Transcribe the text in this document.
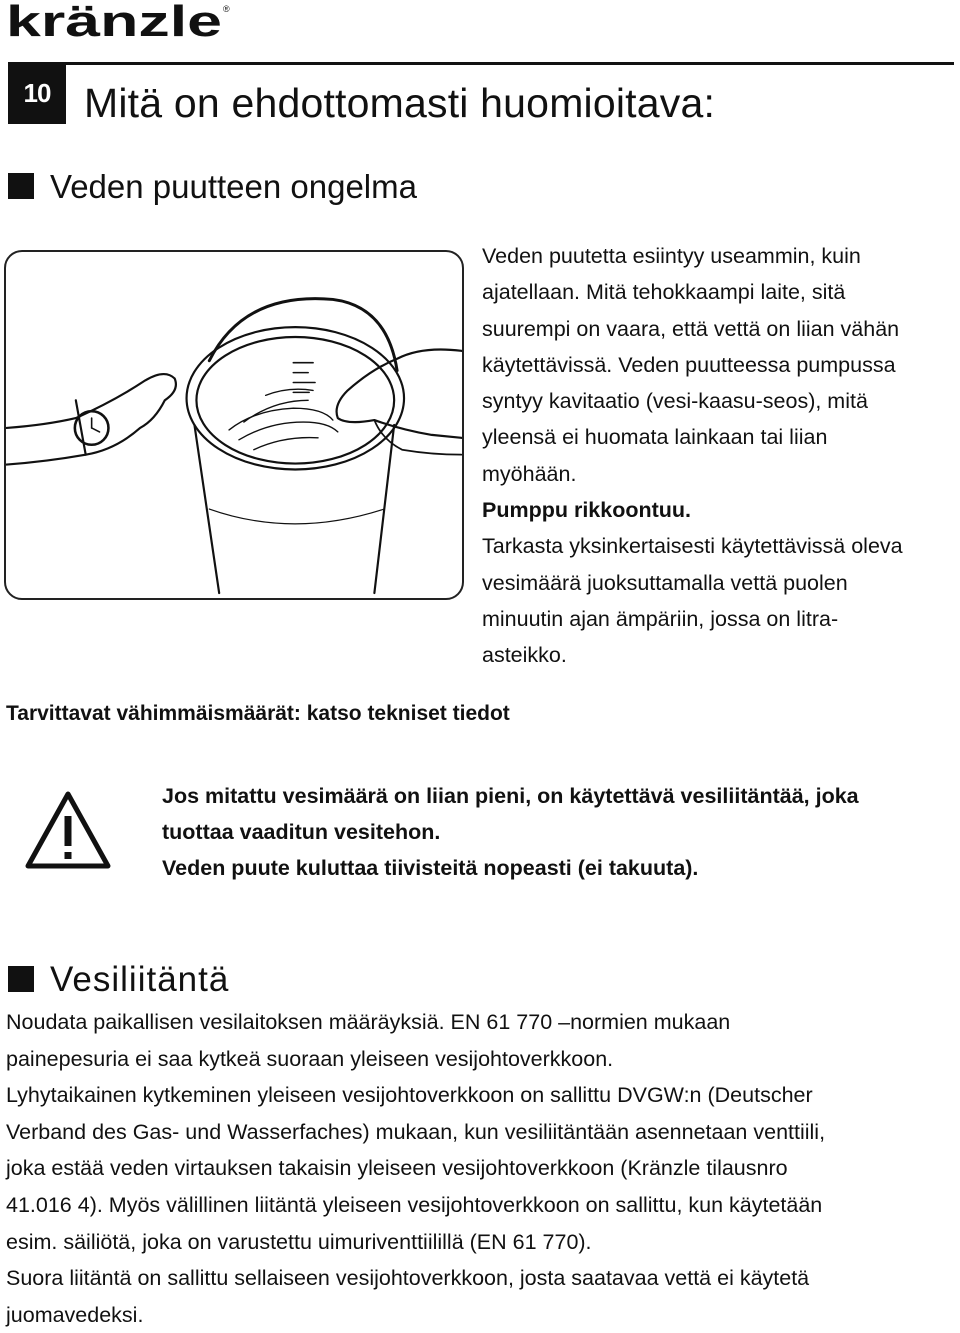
kränzle ®
10 Mitä on ehdottomasti huomioitava:
Veden puutteen ongelma

Veden puutetta esiintyy useammin, kuin

ajatellaan. Mitä tehokkaampi laite, sitä

suurempi on vaara, että vettä on liian vähän

käytettävissä. Veden puutteessa pumpussa

syntyy kavitaatio (vesi-kaasu-seos), mitä

yleensä ei huomata lainkaan tai liian

myöhään.

Pumppu rikkoontuu.

Tarkasta yksinkertaisesti käytettävissä oleva

vesimäärä juoksuttamalla vettä puolen

minuutin ajan ämpäriin, jossa on litra-

asteikko.

Tarvittavat vähimmäismäärät: katso tekniset tiedot

Jos mitattu vesimäärä on liian pieni, on käytettävä vesiliitäntää, joka

tuottaa vaaditun vesitehon.

Veden puute kuluttaa tiivisteitä nopeasti (ei takuuta).

Vesiliitäntä

Noudata paikallisen vesilaitoksen määräyksiä. EN 61 770 –normien mukaan

painepesuria ei saa kytkeä suoraan yleiseen vesijohtoverkkoon.

Lyhytaikainen kytkeminen yleiseen vesijohtoverkkoon on sallittu DVGW:n (Deutscher

Verband des Gas- und Wasserfaches) mukaan, kun vesiliitäntään asennetaan venttiili,

joka estää veden virtauksen takaisin yleiseen vesijohtoverkkoon (Kränzle tilausnro

41.016 4). Myös välillinen liitäntä yleiseen vesijohtoverkkoon on sallittu, kun käytetään

esim. säiliötä, joka on varustettu uimuriventtiilillä (EN 61 770).

Suora liitäntä on sallittu sellaiseen vesijohtoverkkoon, josta saatavaa vettä ei käytetä

juomavedeksi.
